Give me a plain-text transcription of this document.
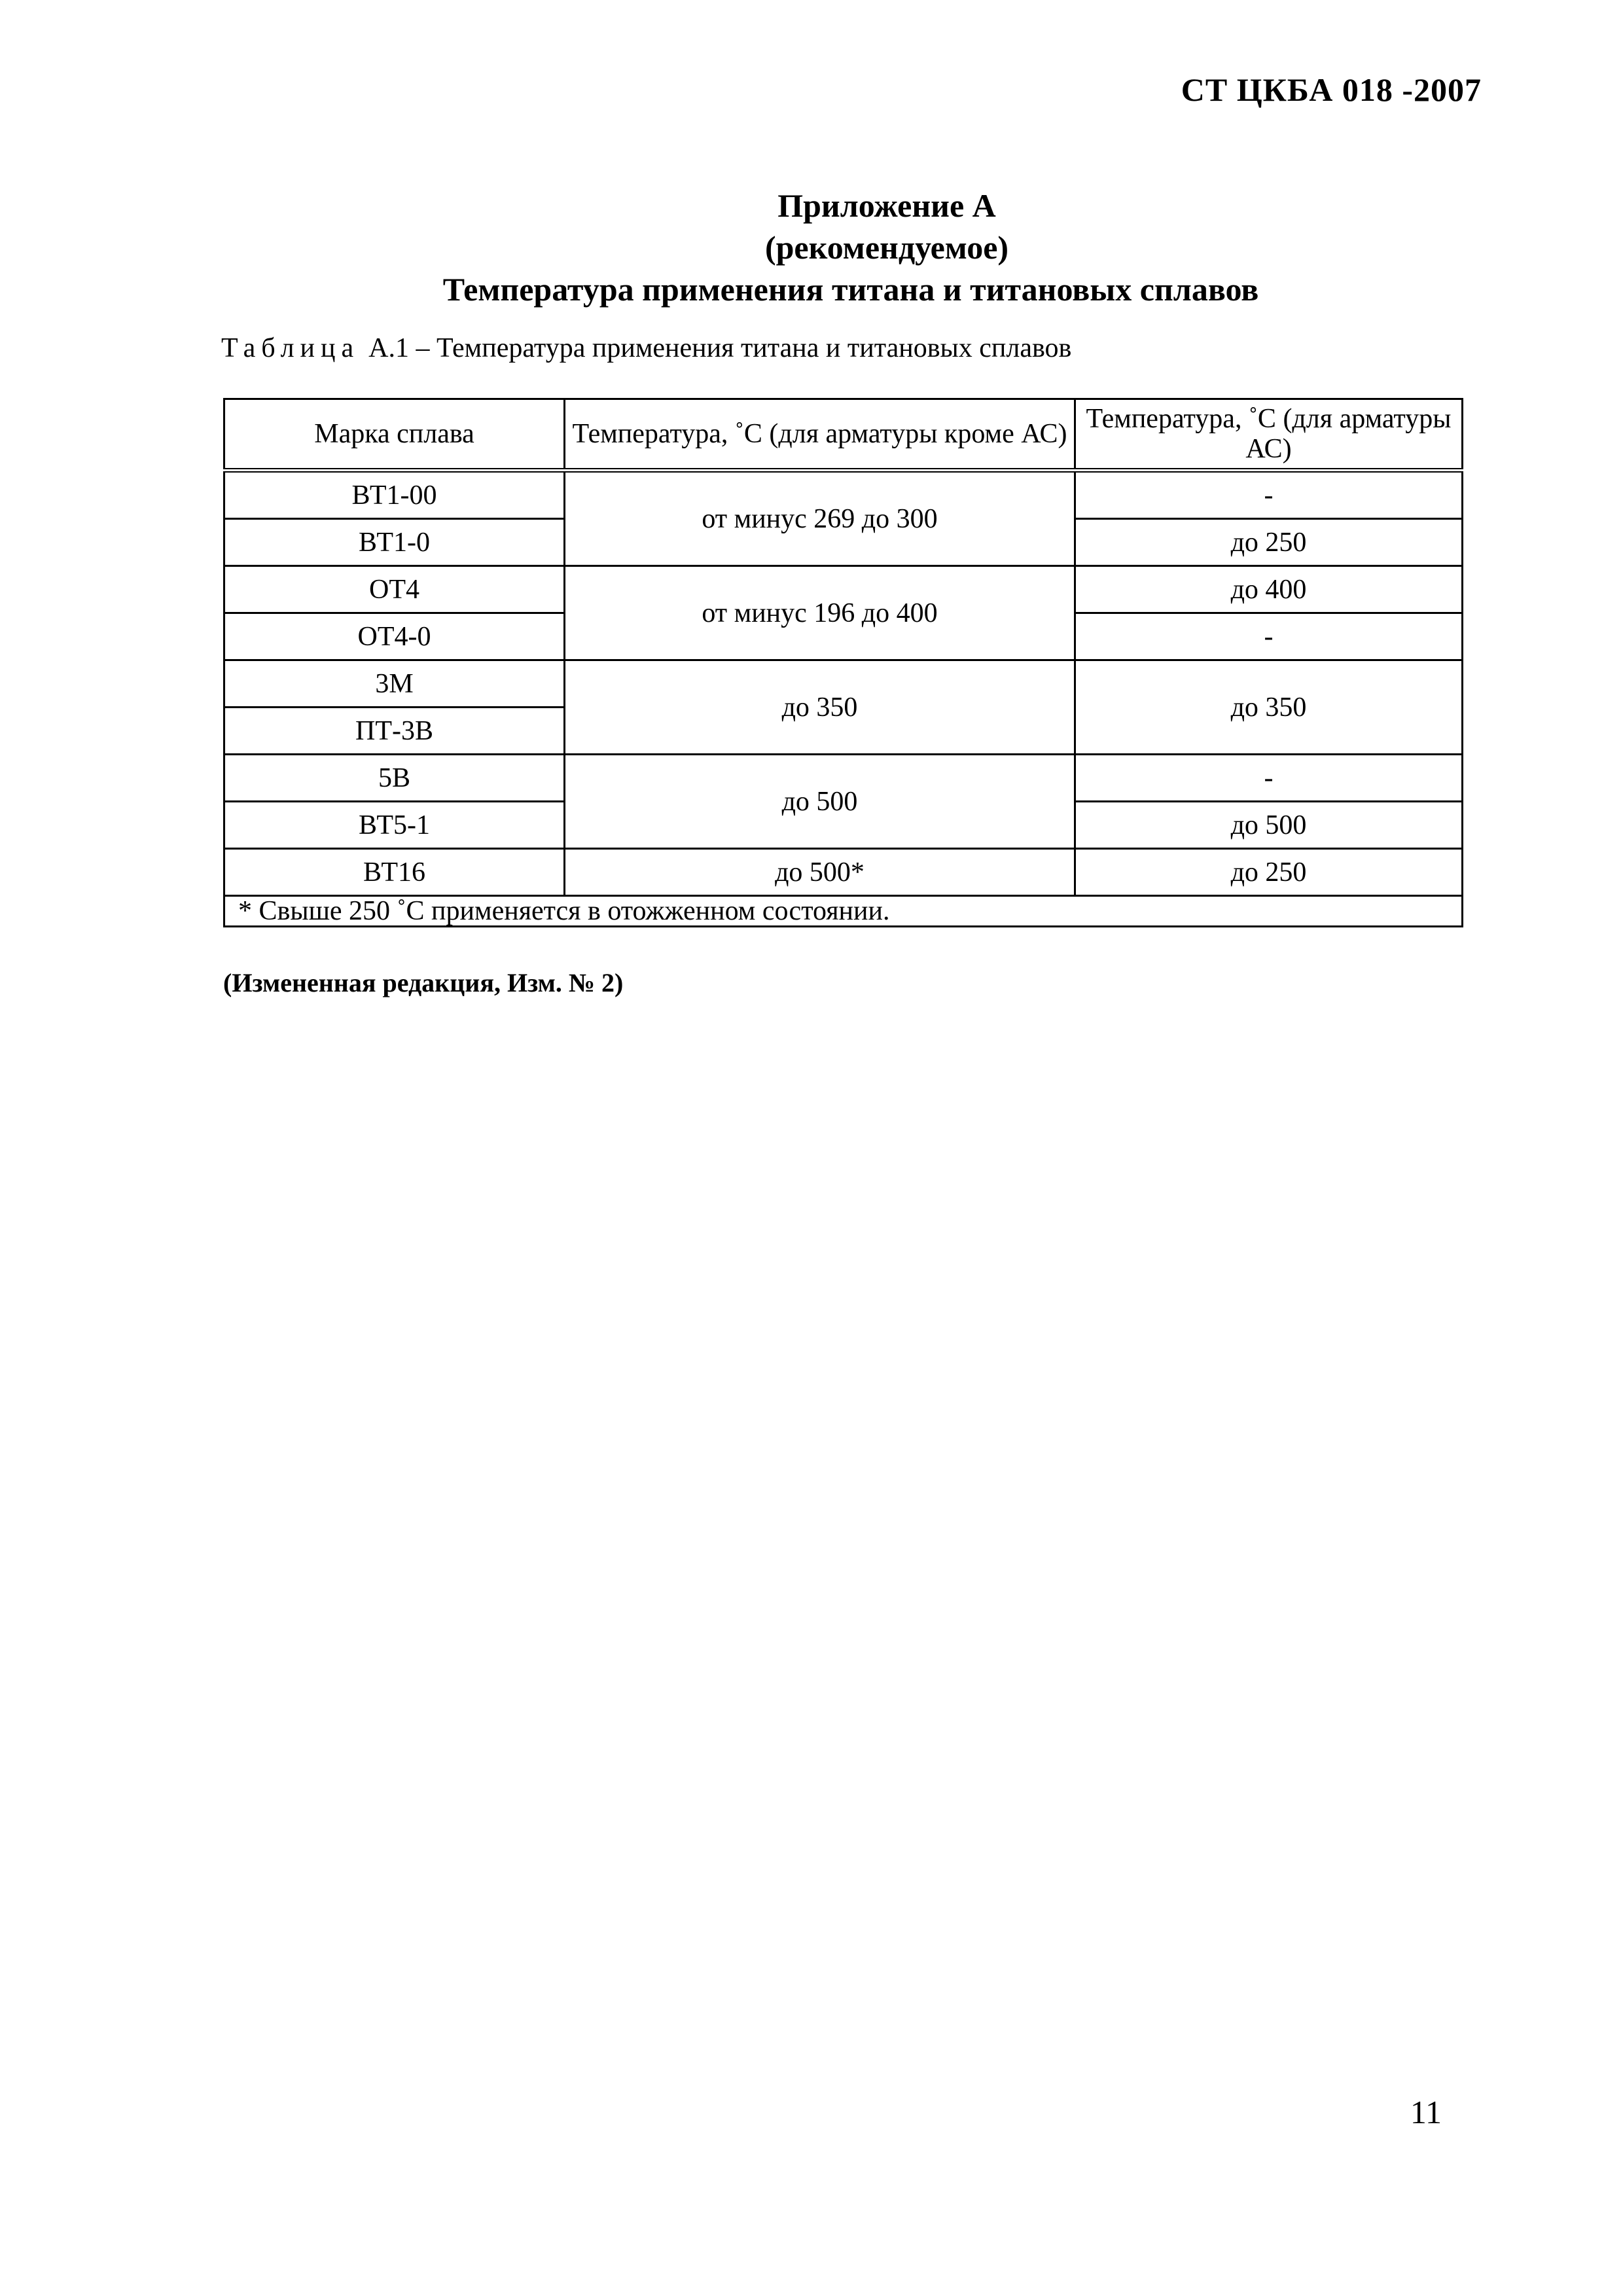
СТ ЦКБА 018 -2007
Приложение А
(рекомендуемое)
Температура применения титана и титановых сплавов
Таблица А.1 – Температура применения титана и титановых сплавов
Марка сплава	Температура, ˚С (для арматуры кроме АС)	Температура, ˚С (для арматуры АС)
ВТ1-00	от минус 269 до 300	-
ВТ1-0		до 250
ОТ4	от минус 196 до 400	до 400
ОТ4-0		-
3М	до 350	до 350
ПТ-3В		
5В	до 500	-
ВТ5-1		до 500
ВТ16	до 500*	до 250
* Свыше 250 ˚С применяется в отожженном состоянии.		
(Измененная редакция, Изм. № 2)
11
